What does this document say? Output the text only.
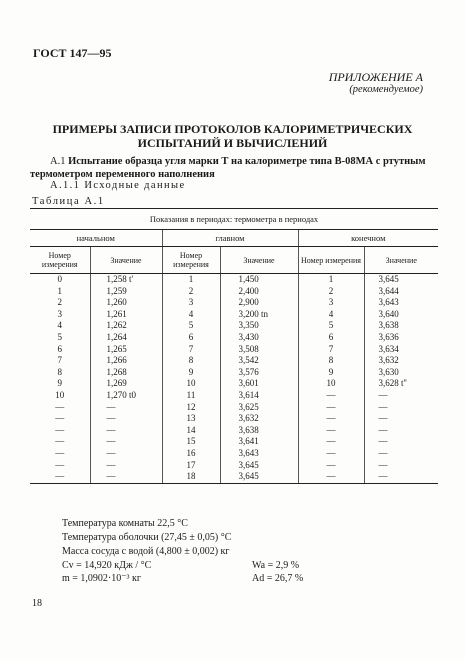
ГОСТ 147—95
ПРИЛОЖЕНИЕ А
(рекомендуемое)
ПРИМЕРЫ ЗАПИСИ ПРОТОКОЛОВ КАЛОРИМЕТРИЧЕСКИХ
ИСПЫТАНИЙ И ВЫЧИСЛЕНИЙ
А.1 Испытание образца угля марки Т на калориметре типа В-08МА с ртутным
термометром переменного наполнения
А.1.1 Исходные данные
Таблица А.1
Показания в периодах: термометра в периодах					
начальном		главном		конечном	
Номер измерения	Значение	Номер измерения	Значение	Номер измерения	Значение
0	1,258 t'	1	1,450	1	3,645
1	1,259	2	2,400	2	3,644
2	1,260	3	2,900	3	3,643
3	1,261	4	3,200 tn	4	3,640
4	1,262	5	3,350	5	3,638
5	1,264	6	3,430	6	3,636
6	1,265	7	3,508	7	3,634
7	1,266	8	3,542	8	3,632
8	1,268	9	3,576	9	3,630
9	1,269	10	3,601	10	3,628 t''
10	1,270 t0	11	3,614	—	—
—	—	12	3,625	—	—
—	—	13	3,632	—	—
—	—	14	3,638	—	—
—	—	15	3,641	—	—
—	—	16	3,643	—	—
—	—	17	3,645	—	—
—	—	18	3,645	—	—
Температура комнаты 22,5 °С
Температура оболочки (27,45 ± 0,05) °С
Масса сосуда с водой (4,800 ± 0,002) кг
Cv = 14,920 кДж / °С	Wa = 2,9 %
m = 1,0902·10⁻³ кг	Ad = 26,7 %
18
